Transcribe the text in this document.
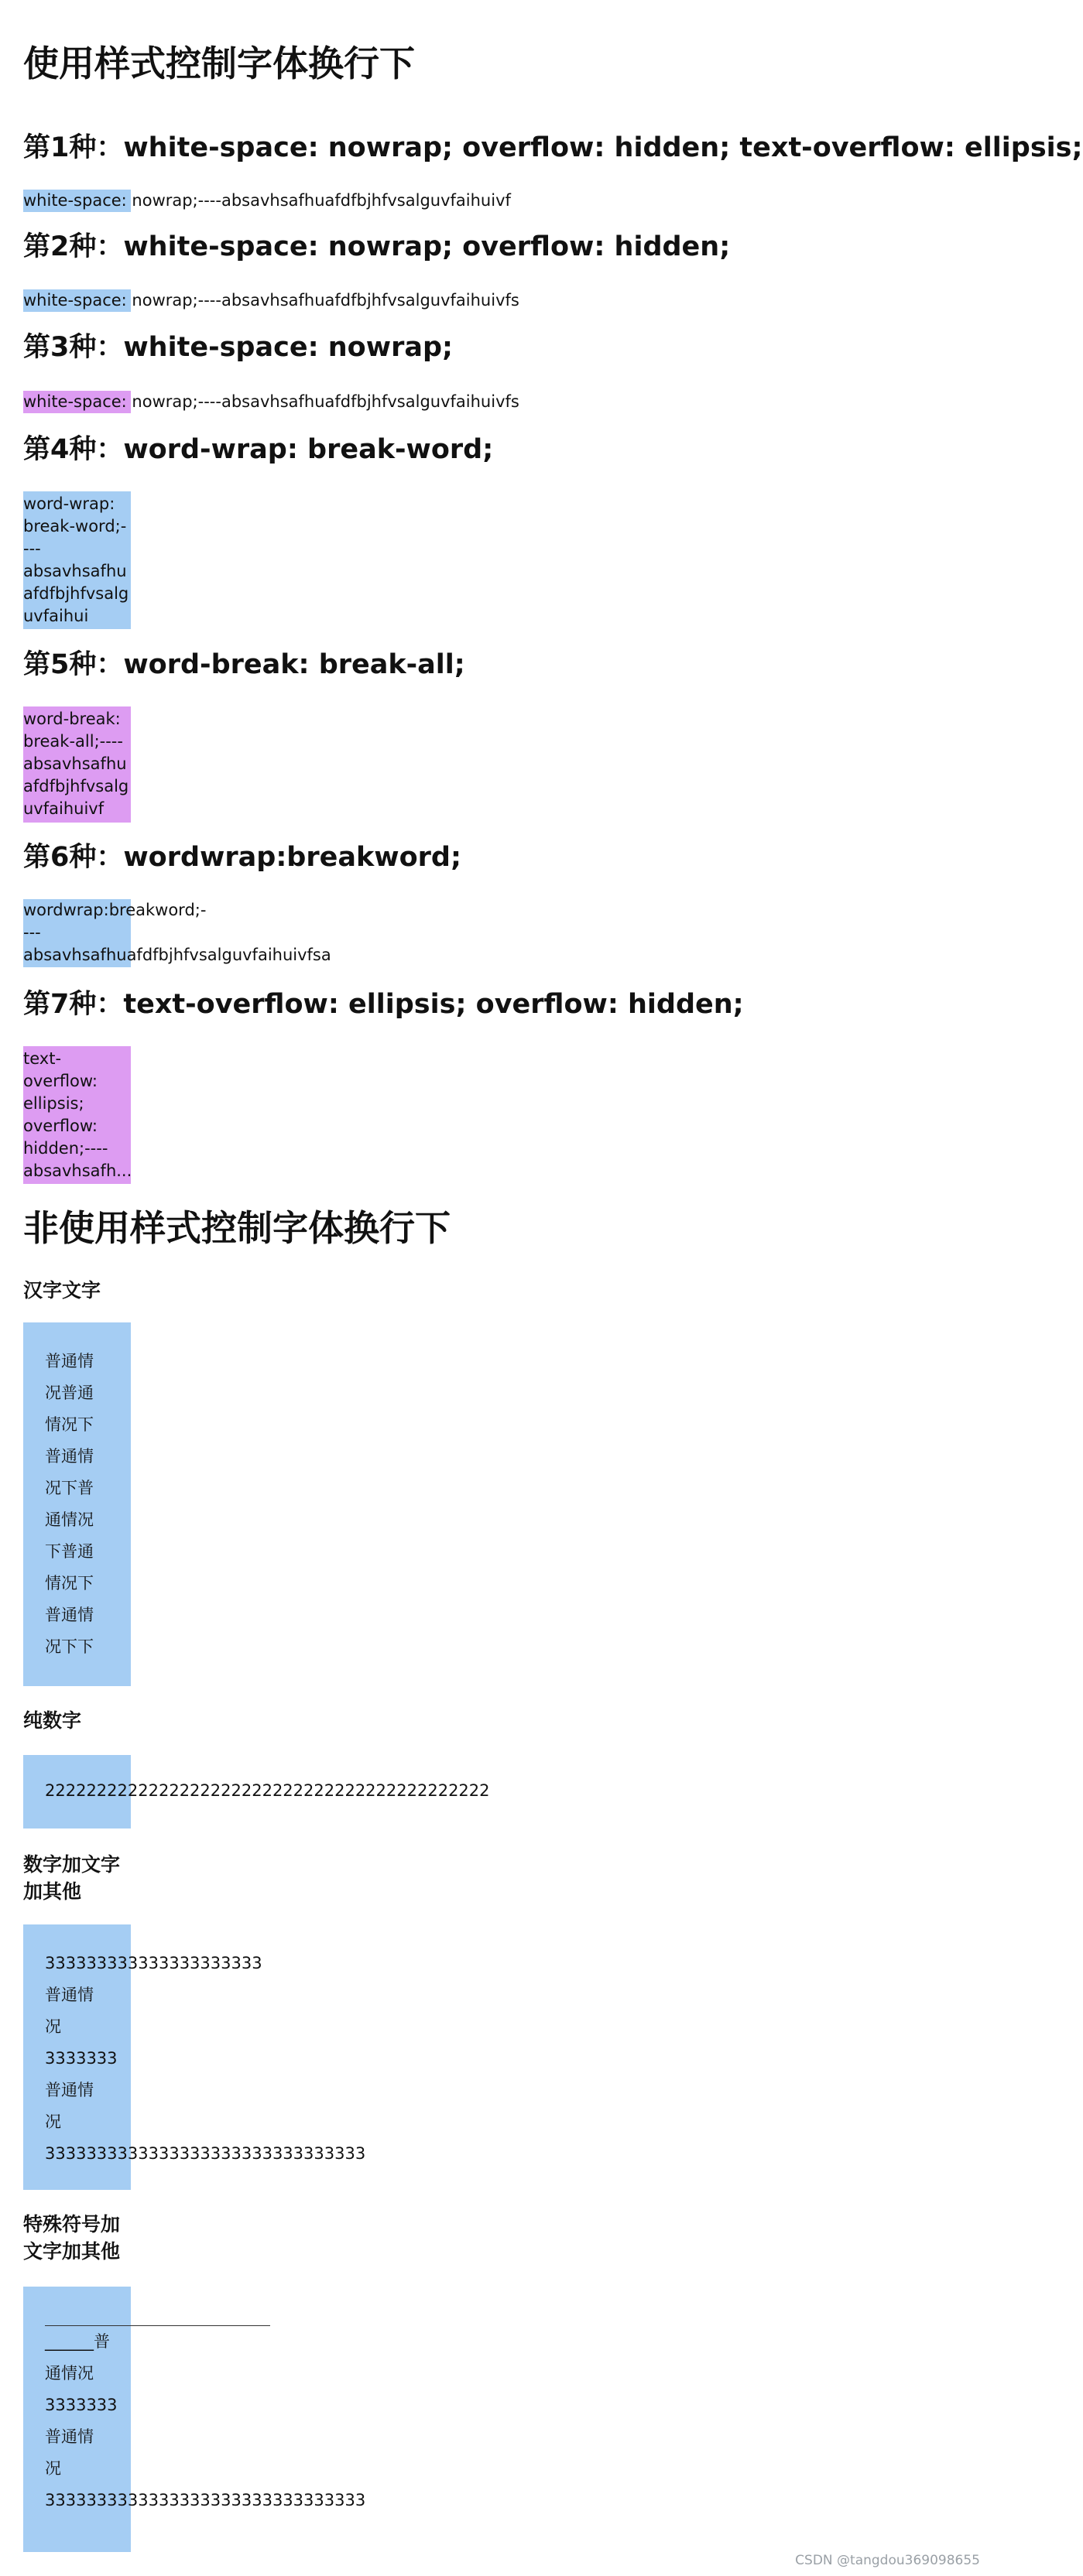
使用样式控制字体换行下
第1种：white-space: nowrap; overflow: hidden; text-overflow: ellipsis;
white-space: nowrap;----absavhsafhuafdfbjhfvsalguvfaihuivf
第2种：white-space: nowrap; overflow: hidden;
white-space: nowrap;----absavhsafhuafdfbjhfvsalguvfaihuivfs
第3种：white-space: nowrap;
white-space: nowrap;----absavhsafhuafdfbjhfvsalguvfaihuivfs
第4种：word-wrap: break-word;
word-wrap: break-word;----absavhsafhuafdfbjhfvsalguvfaihui
第5种：word-break: break-all;
word-break: break-all;----absavhsafhuafdfbjhfvsalguvfaihuivf
第6种：wordwrap:breakword;
wordwrap:breakword;-
---
absavhsafhuafdfbjhfvsalguvfaihuivfsa
第7种：text-overflow: ellipsis; overflow: hidden;
text-overflow: ellipsis; overflow: hidden;----absavhsafh...
非使用样式控制字体换行下
汉字文字
普通情
况普通
情况下
普通情
况下普
通情况
下普通
情况下
普通情
况下下
纯数字
2222222222222222222222222222222222222222222
数字加文字加其他
333333333333333333333
普通情
况
3333333
普通情
况
3333333333333333333333333333333
特殊符号加文字加其他
______普
通情况
3333333
普通情
况
3333333333333333333333333333333
CSDN @tangdou369098655
